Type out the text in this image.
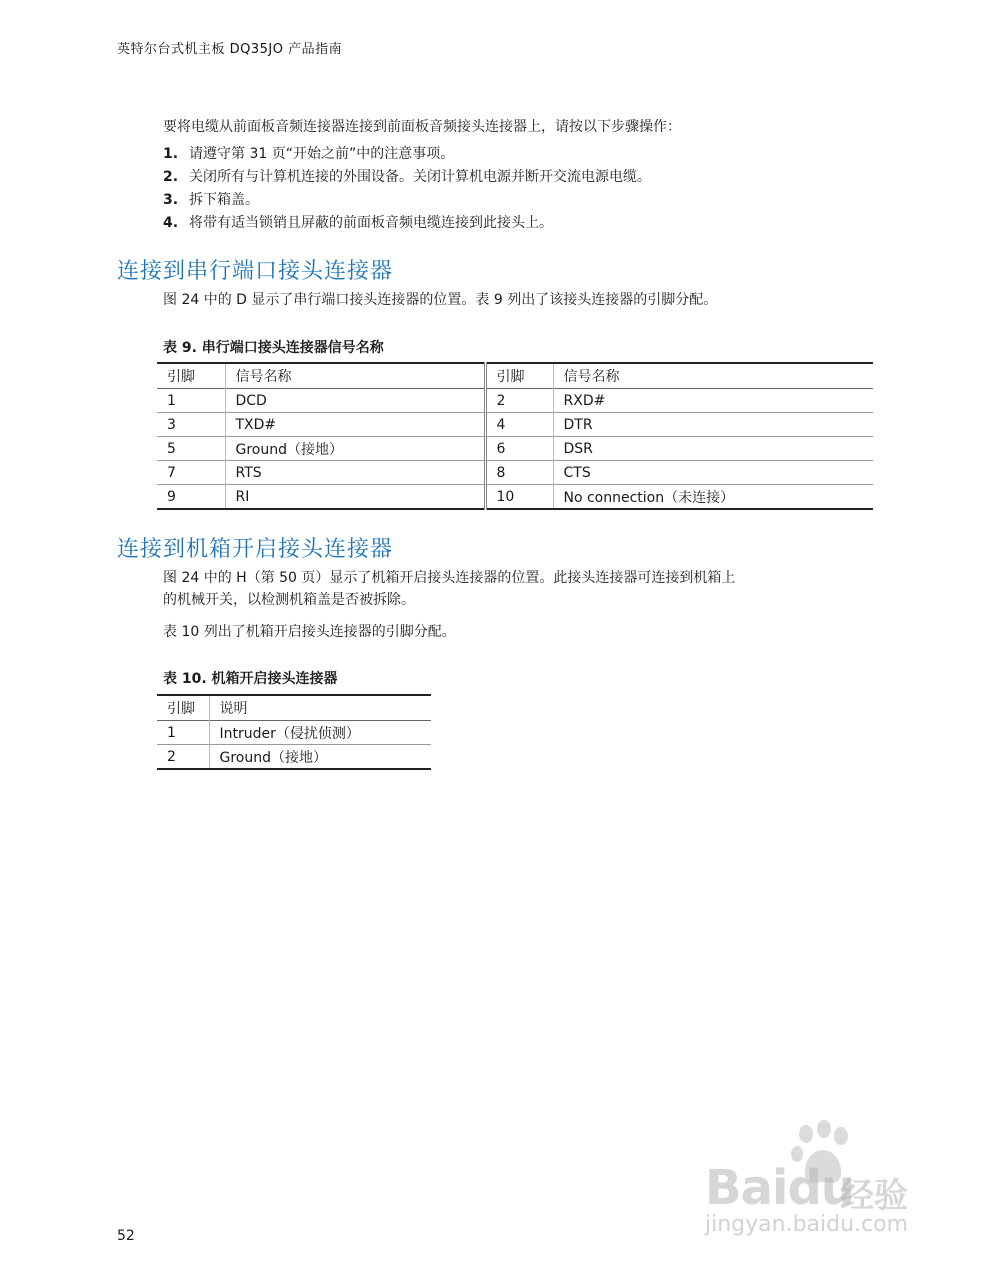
英特尔台式机主板 DQ35JO 产品指南
要将电缆从前面板音频连接器连接到前面板音频接头连接器上，请按以下步骤操作：
1. 请遵守第 31 页“开始之前”中的注意事项。
2. 关闭所有与计算机连接的外围设备。关闭计算机电源并断开交流电源电缆。
3. 拆下箱盖。
4. 将带有适当锁销且屏蔽的前面板音频电缆连接到此接头上。
连接到串行端口接头连接器
图 24 中的 D 显示了串行端口接头连接器的位置。表 9 列出了该接头连接器的引脚分配。
表 9. 串行端口接头连接器信号名称
引脚	信号名称	引脚	信号名称
1	DCD	2	RXD#
3	TXD#	4	DTR
5	Ground（接地）	6	DSR
7	RTS	8	CTS
9	RI	10	No connection（未连接）
连接到机箱开启接头连接器
图 24 中的 H（第 50 页）显示了机箱开启接头连接器的位置。此接头连接器可连接到机箱上
的机械开关，以检测机箱盖是否被拆除。
表 10 列出了机箱开启接头连接器的引脚分配。
表 10. 机箱开启接头连接器
引脚	说明
1	Intruder（侵扰侦测）
2	Ground（接地）
Baidu
经验
jingyan.baidu.com
52
